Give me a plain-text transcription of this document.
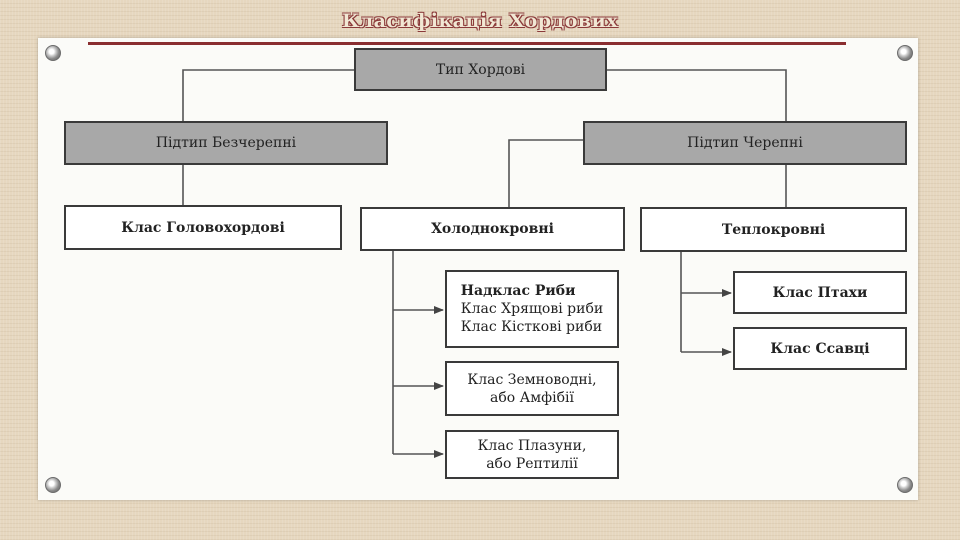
Класифікація Хордових
Тип Хордові
Підтип Безчерепні	Підтип Черепні
Клас Головохордові	Холоднокровні	Теплокровні
Надклас Риби
Клас Хрящові риби
Клас Кісткові риби
Клас Земноводні,
або Амфібії
Клас Плазуни,
або Рептилії
Клас Птахи
Клас Ссавці
